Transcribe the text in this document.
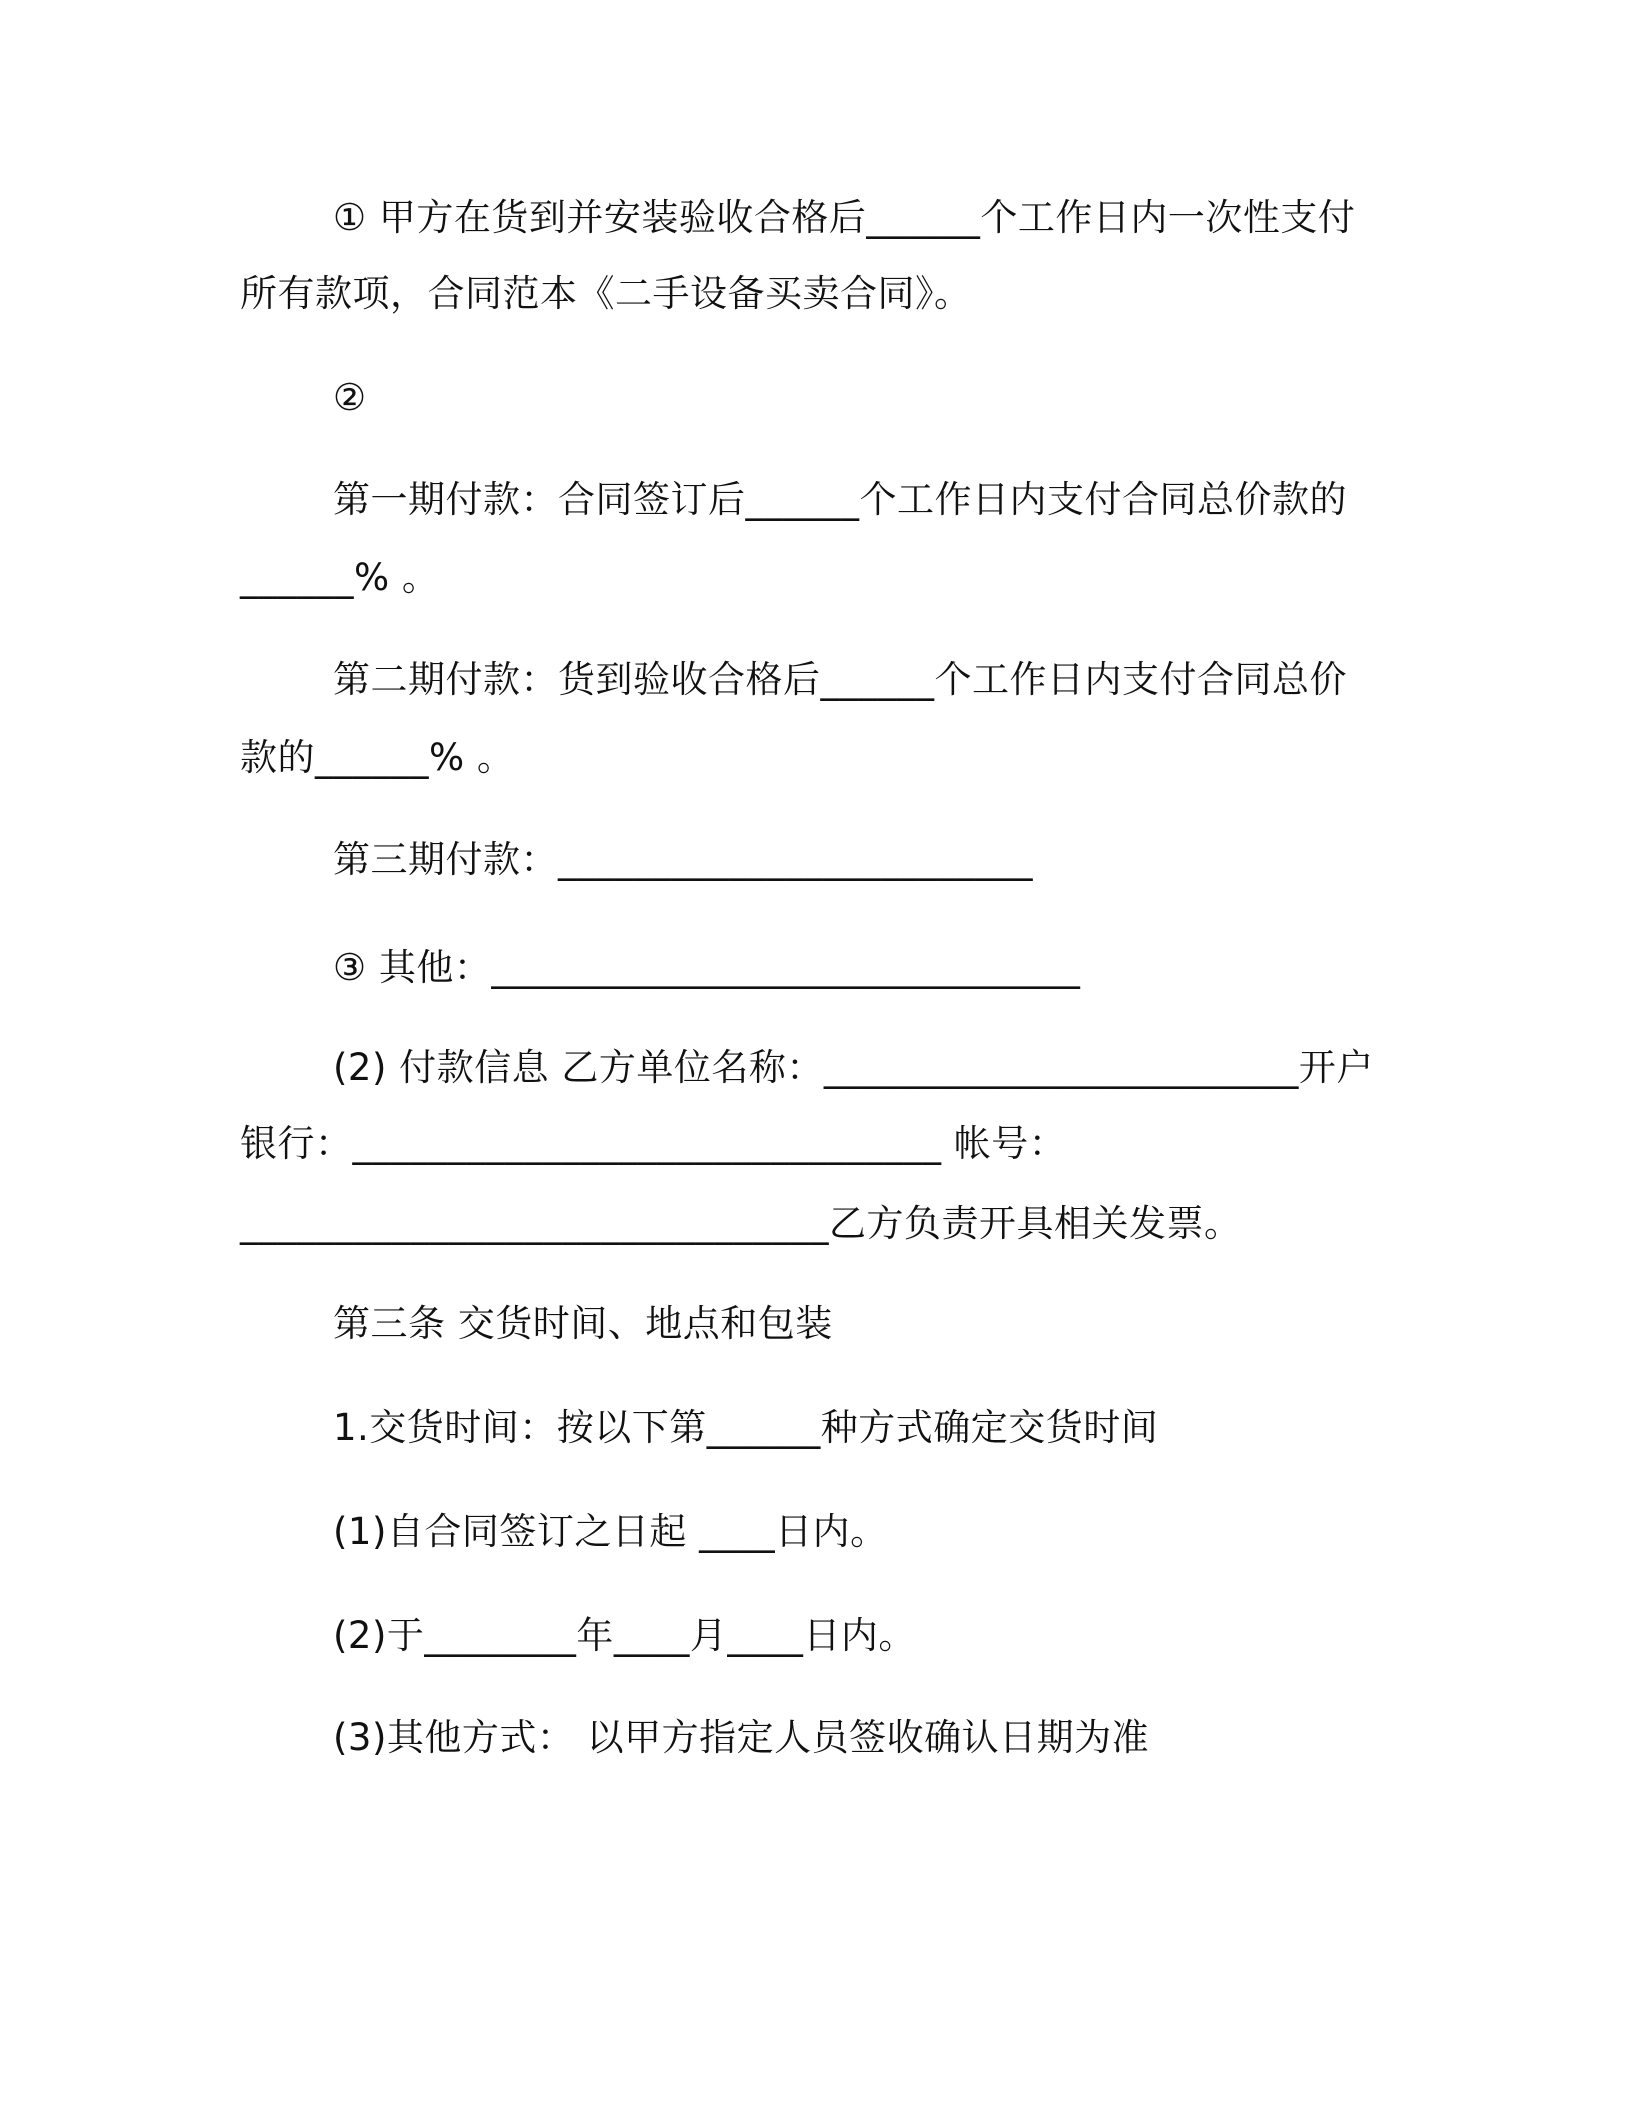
① 甲方在货到并安装验收合格后______个工作日内一次性支付
所有款项，合同范本《二手设备买卖合同》。
②
第一期付款：合同签订后______个工作日内支付合同总价款的
______% 。
第二期付款：货到验收合格后______个工作日内支付合同总价
款的______% 。
第三期付款：_________________________
③ 其他：_______________________________
(2) 付款信息 乙方单位名称：_________________________开户
银行：_______________________________ 帐号：
_______________________________乙方负责开具相关发票。
第三条 交货时间、地点和包装
1.交货时间：按以下第______种方式确定交货时间
(1)自合同签订之日起 ____日内。
(2)于________年____月____日内。
(3)其他方式： 以甲方指定人员签收确认日期为准
